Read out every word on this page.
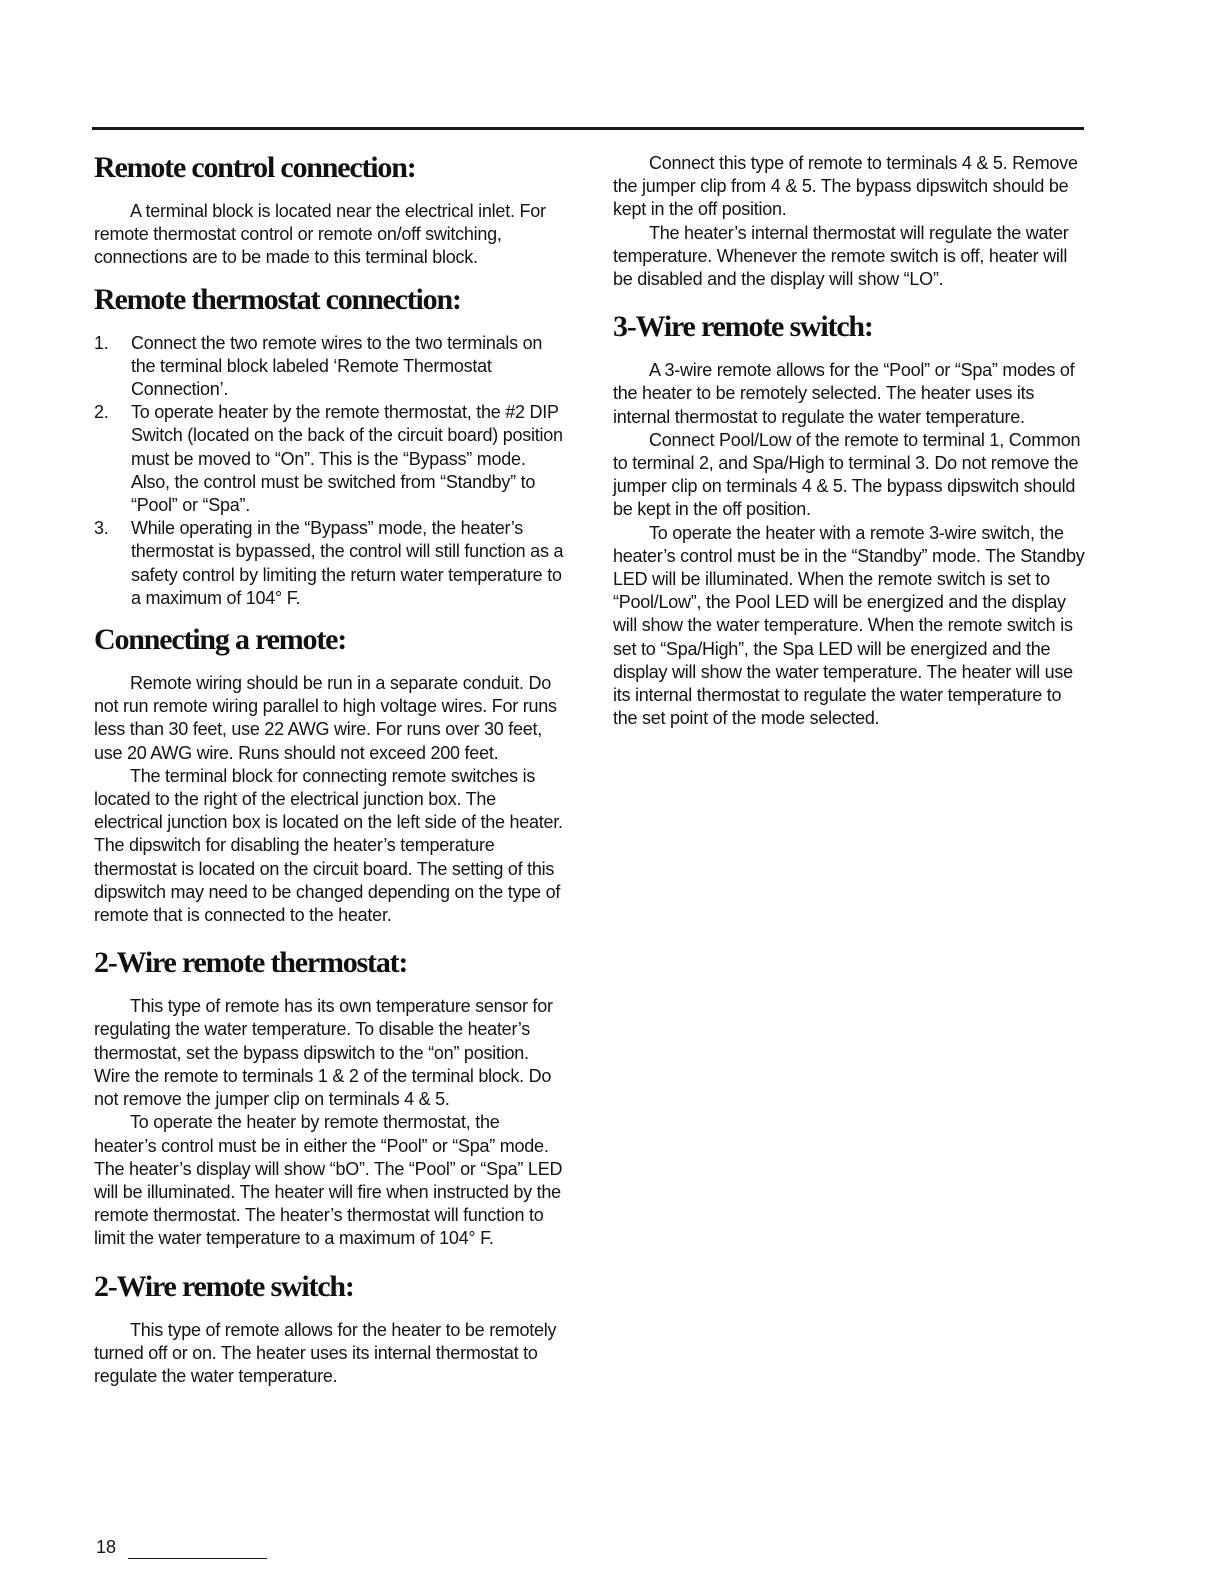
Remote control connection:

A terminal block is located near the electrical inlet. For remote thermostat control or remote on/off switching, connections are to be made to this terminal block.

Remote thermostat connection:
1. Connect the two remote wires to the two terminals on the terminal block labeled ‘Remote Thermostat Connection’.
2. To operate heater by the remote thermostat, the #2 DIP Switch (located on the back of the circuit board) position must be moved to “On”. This is the “Bypass” mode. Also, the control must be switched from “Standby” to “Pool” or “Spa”.
3. While operating in the “Bypass” mode, the heater’s thermostat is bypassed, the control will still function as a safety control by limiting the return water temperature to a maximum of 104° F.
Connecting a remote:

Remote wiring should be run in a separate conduit. Do not run remote wiring parallel to high voltage wires. For runs less than 30 feet, use 22 AWG wire. For runs over 30 feet, use 20 AWG wire. Runs should not exceed 200 feet.

The terminal block for connecting remote switches is located to the right of the electrical junction box. The electrical junction box is located on the left side of the heater. The dipswitch for disabling the heater’s temperature thermostat is located on the circuit board. The setting of this dipswitch may need to be changed depending on the type of remote that is connected to the heater.

2-Wire remote thermostat:

This type of remote has its own temperature sensor for regulating the water temperature. To disable the heater’s thermostat, set the bypass dipswitch to the “on” position. Wire the remote to terminals 1 & 2 of the terminal block. Do not remove the jumper clip on terminals 4 & 5.

To operate the heater by remote thermostat, the heater’s control must be in either the “Pool” or “Spa” mode. The heater’s display will show “bO”. The “Pool” or “Spa” LED will be illuminated. The heater will fire when instructed by the remote thermostat. The heater’s thermostat will function to limit the water temperature to a maximum of 104° F.

2-Wire remote switch:

This type of remote allows for the heater to be remotely turned off or on. The heater uses its internal thermostat to regulate the water temperature.

Connect this type of remote to terminals 4 & 5. Remove the jumper clip from 4 & 5. The bypass dipswitch should be kept in the off position.

The heater’s internal thermostat will regulate the water temperature. Whenever the remote switch is off, heater will be disabled and the display will show “LO”.

3-Wire remote switch:

A 3-wire remote allows for the “Pool” or “Spa” modes of the heater to be remotely selected. The heater uses its internal thermostat to regulate the water temperature.

Connect Pool/Low of the remote to terminal 1, Common to terminal 2, and Spa/High to terminal 3. Do not remove the jumper clip on terminals 4 & 5. The bypass dipswitch should be kept in the off position.

To operate the heater with a remote 3-wire switch, the heater’s control must be in the “Standby” mode. The Standby LED will be illuminated. When the remote switch is set to “Pool/Low”, the Pool LED will be energized and the display will show the water temperature. When the remote switch is set to “Spa/High”, the Spa LED will be energized and the display will show the water temperature. The heater will use its internal thermostat to regulate the water temperature to the set point of the mode selected.

18
